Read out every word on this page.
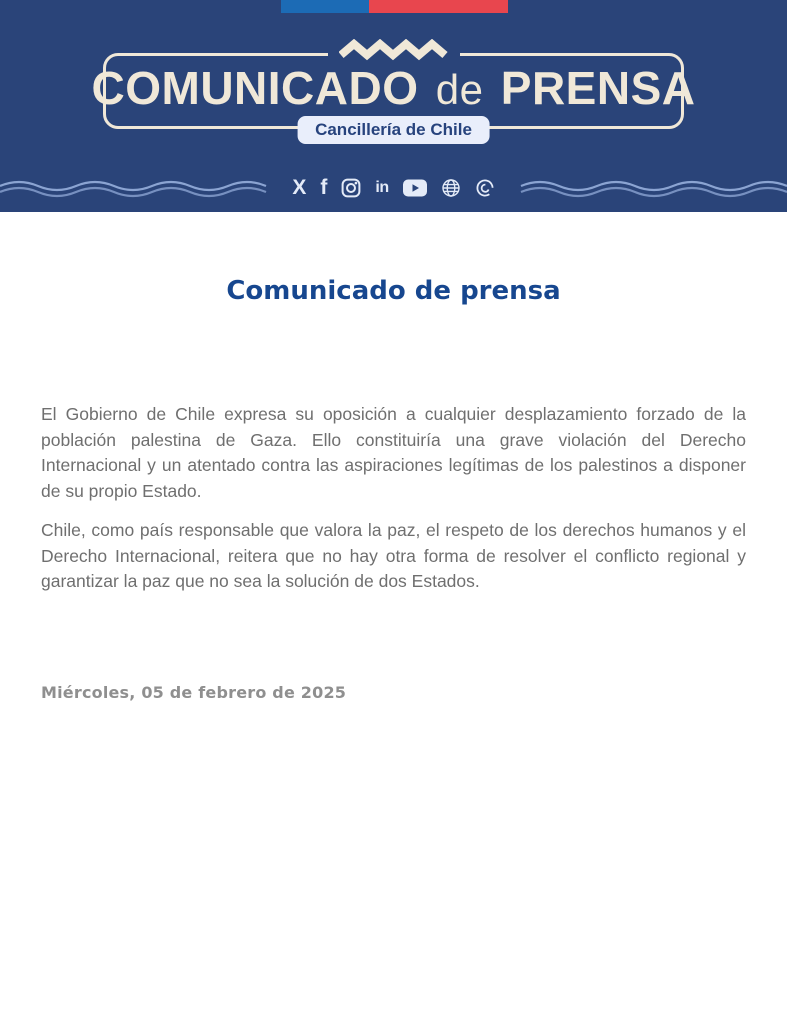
COMUNICADO de PRENSA
Cancillería de Chile
X f	in
Comunicado de prensa

El Gobierno de Chile expresa su oposición a cualquier desplazamiento forzado de la población palestina de Gaza. Ello constituiría una grave violación del Derecho Internacional y un atentado contra las aspiraciones legítimas de los palestinos a disponer de su propio Estado.

Chile, como país responsable que valora la paz, el respeto de los derechos humanos y el Derecho Internacional, reitera que no hay otra forma de resolver el conflicto regional y garantizar la paz que no sea la solución de dos Estados.

Miércoles, 05 de febrero de 2025
